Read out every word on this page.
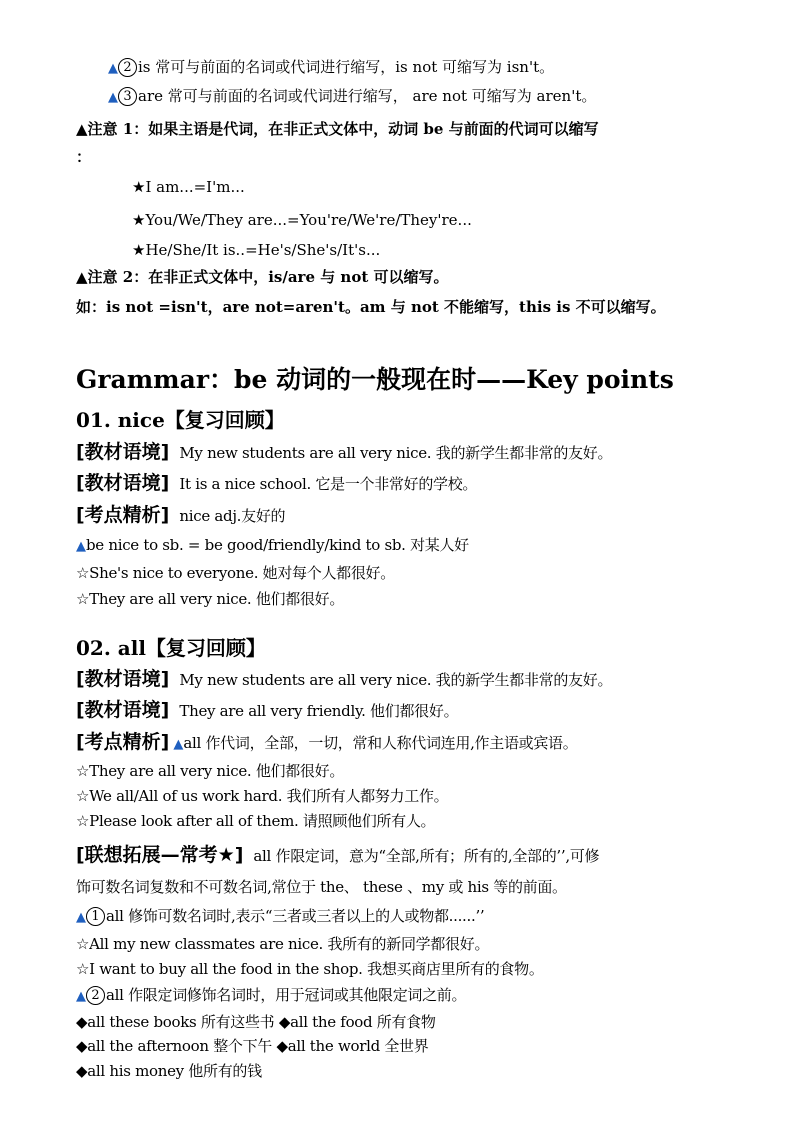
▲ 2 is 常可与前面的名词或代词进行缩写，is not 可缩写为 isn't。
▲ 3 are 常可与前面的名词或代词进行缩写， are not 可缩写为 aren't。
▲注意 1：如果主语是代词，在非正式文体中，动词 be 与前面的代词可以缩写
：
★I am...=I'm...
★You/We/They are...=You're/We're/They're...
★He/She/It is..=He's/She's/It's...
▲注意 2：在非正式文体中，is/are 与 not 可以缩写。
如：is not =isn't，are not=aren't。am 与 not 不能缩写，this is 不可以缩写。
Grammar：be 动词的一般现在时——Key points
01. nice【复习回顾】
[教材语境] My new students are all very nice. 我的新学生都非常的友好。
[教材语境] It is a nice school. 它是一个非常好的学校。
[考点精析] nice adj.友好的
▲be nice to sb. = be good/friendly/kind to sb. 对某人好
☆She's nice to everyone. 她对每个人都很好。
☆They are all very nice. 他们都很好。
02. all【复习回顾】
[教材语境] My new students are all very nice. 我的新学生都非常的友好。
[教材语境] They are all very friendly. 他们都很好。
[考点精析] ▲all 作代词，全部，一切，常和人称代词连用,作主语或宾语。
☆They are all very nice. 他们都很好。
☆We all/All of us work hard. 我们所有人都努力工作。
☆Please look after all of them. 请照顾他们所有人。
[联想拓展—常考★] all 作限定词，意为“全部,所有；所有的,全部的’’,可修
饰可数名词复数和不可数名词,常位于 the、 these 、my 或 his 等的前面。
▲ 1 all 修饰可数名词时,表示“三者或三者以上的人或物都......’’
☆All my new classmates are nice. 我所有的新同学都很好。
☆I want to buy all the food in the shop. 我想买商店里所有的食物。
▲ 2 all 作限定词修饰名词时，用于冠词或其他限定词之前。
◆all these books 所有这些书 ◆all the food 所有食物
◆all the afternoon 整个下午 ◆all the world 全世界
◆all his money 他所有的钱
